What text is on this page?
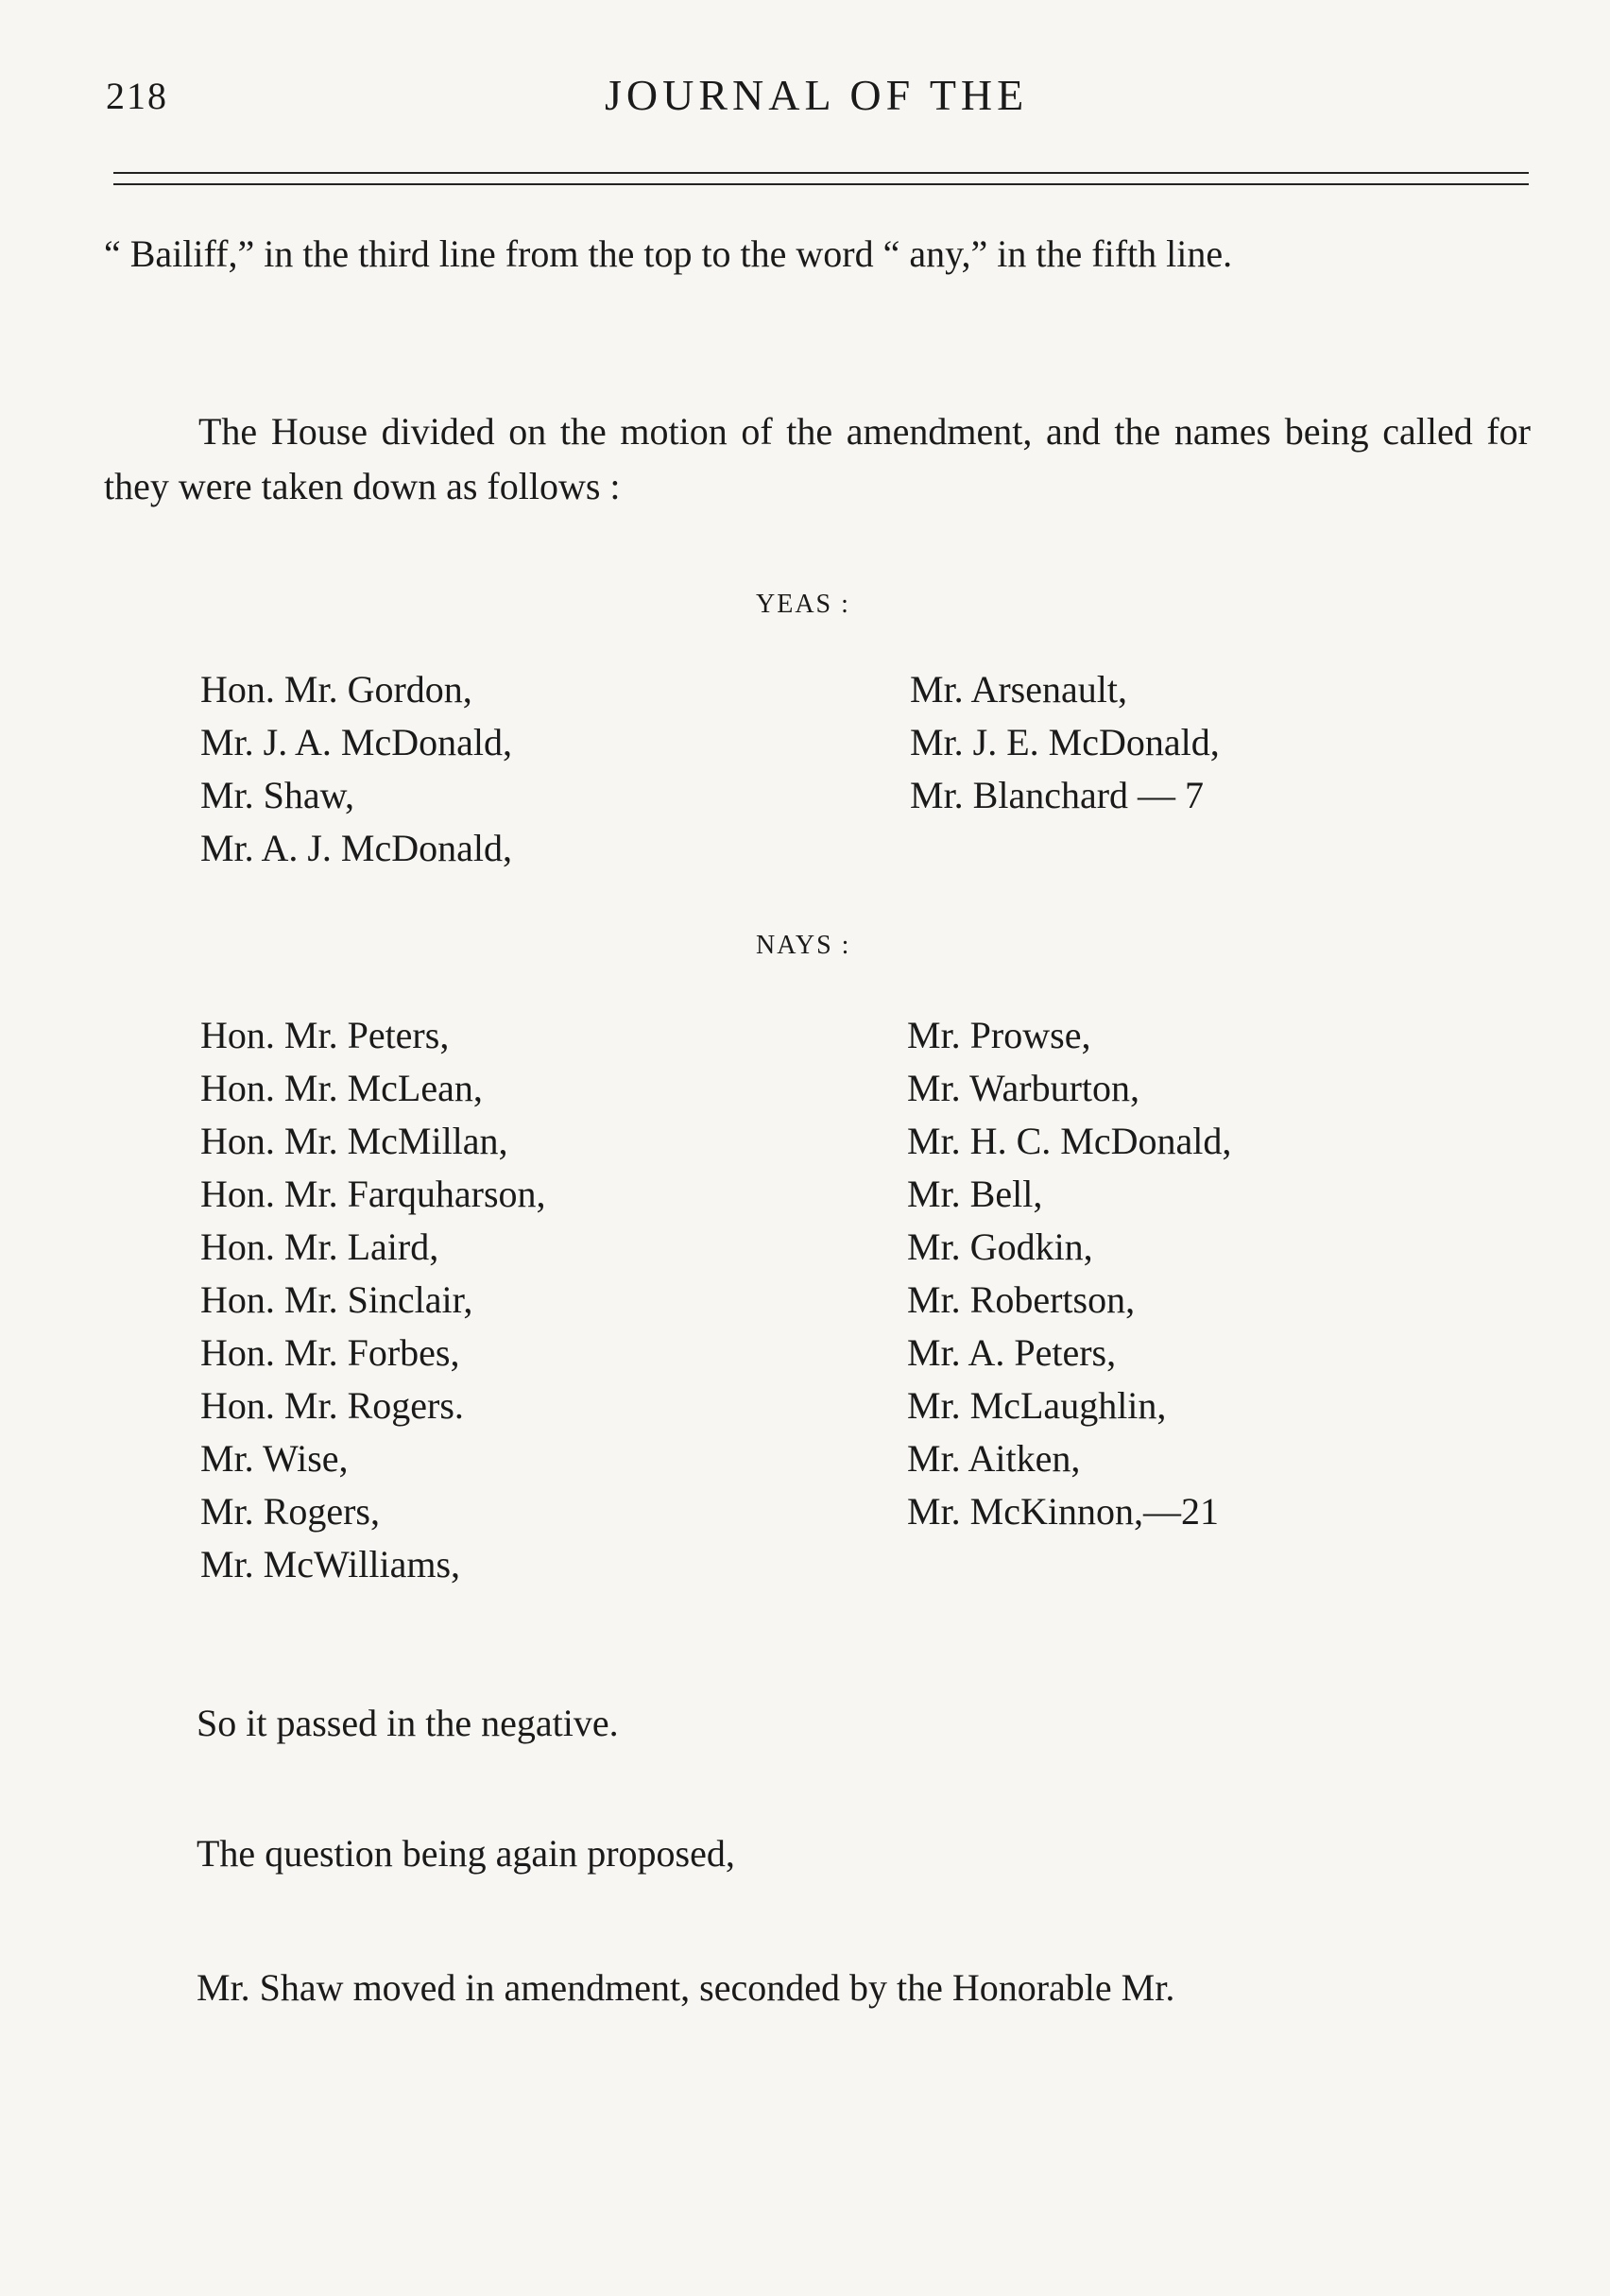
218	JOURNAL OF THE
“ Bailiff,” in the third line from the top to the word “ any,” in the fifth line.
The House divided on the motion of the amendment, and the names being called for they were taken down as follows :
YEAS :
Hon. Mr. Gordon,
Mr. J. A. McDonald,
Mr. Shaw,
Mr. A. J. McDonald,
Mr. Arsenault,
Mr. J. E. McDonald,
Mr. Blanchard — 7
NAYS :
Hon. Mr. Peters,
Hon. Mr. McLean,
Hon. Mr. McMillan,
Hon. Mr. Farquharson,
Hon. Mr. Laird,
Hon. Mr. Sinclair,
Hon. Mr. Forbes,
Hon. Mr. Rogers.
Mr. Wise,
Mr. Rogers,
Mr. McWilliams,
Mr. Prowse,
Mr. Warburton,
Mr. H. C. McDonald,
Mr. Bell,
Mr. Godkin,
Mr. Robertson,
Mr. A. Peters,
Mr. McLaughlin,
Mr. Aitken,
Mr. McKinnon,—21
So it passed in the negative.
The question being again proposed,
Mr. Shaw moved in amendment, seconded by the Honorable Mr.
